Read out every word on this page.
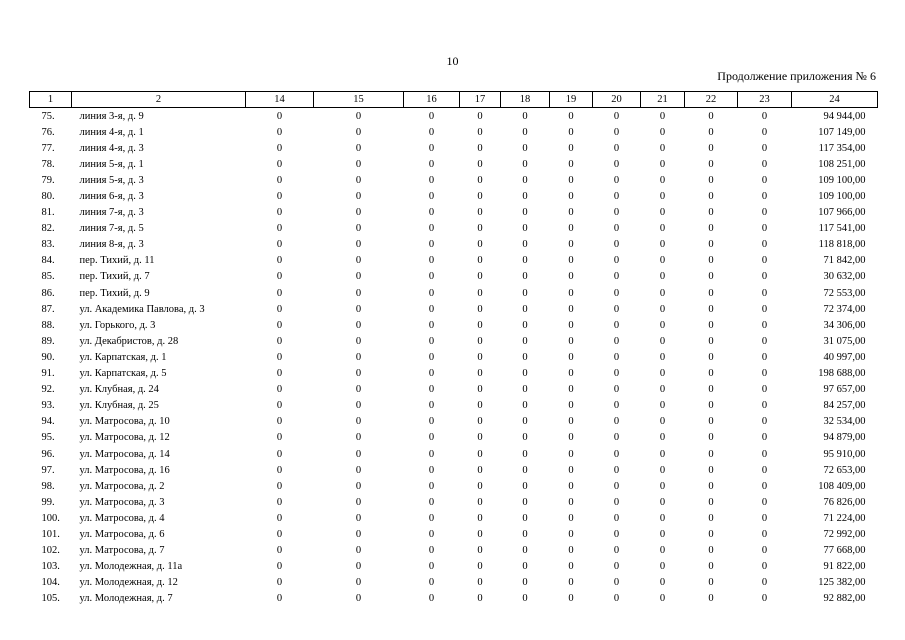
10
Продолжение приложения № 6
1	2	14	15	16	17	18	19	20	21	22	23	24
75.	линия 3-я, д. 9	0	0	0	0	0	0	0	0	0	0	94 944,00
76.	линия 4-я, д. 1	0	0	0	0	0	0	0	0	0	0	107 149,00
77.	линия 4-я, д. 3	0	0	0	0	0	0	0	0	0	0	117 354,00
78.	линия 5-я, д. 1	0	0	0	0	0	0	0	0	0	0	108 251,00
79.	линия 5-я, д. 3	0	0	0	0	0	0	0	0	0	0	109 100,00
80.	линия 6-я, д. 3	0	0	0	0	0	0	0	0	0	0	109 100,00
81.	линия 7-я, д. 3	0	0	0	0	0	0	0	0	0	0	107 966,00
82.	линия 7-я, д. 5	0	0	0	0	0	0	0	0	0	0	117 541,00
83.	линия 8-я, д. 3	0	0	0	0	0	0	0	0	0	0	118 818,00
84.	пер. Тихий, д. 11	0	0	0	0	0	0	0	0	0	0	71 842,00
85.	пер. Тихий, д. 7	0	0	0	0	0	0	0	0	0	0	30 632,00
86.	пер. Тихий, д. 9	0	0	0	0	0	0	0	0	0	0	72 553,00
87.	ул. Академика Павлова, д. 3	0	0	0	0	0	0	0	0	0	0	72 374,00
88.	ул. Горького, д. 3	0	0	0	0	0	0	0	0	0	0	34 306,00
89.	ул. Декабристов, д. 28	0	0	0	0	0	0	0	0	0	0	31 075,00
90.	ул. Карпатская, д. 1	0	0	0	0	0	0	0	0	0	0	40 997,00
91.	ул. Карпатская, д. 5	0	0	0	0	0	0	0	0	0	0	198 688,00
92.	ул. Клубная, д. 24	0	0	0	0	0	0	0	0	0	0	97 657,00
93.	ул. Клубная, д. 25	0	0	0	0	0	0	0	0	0	0	84 257,00
94.	ул. Матросова, д. 10	0	0	0	0	0	0	0	0	0	0	32 534,00
95.	ул. Матросова, д. 12	0	0	0	0	0	0	0	0	0	0	94 879,00
96.	ул. Матросова, д. 14	0	0	0	0	0	0	0	0	0	0	95 910,00
97.	ул. Матросова, д. 16	0	0	0	0	0	0	0	0	0	0	72 653,00
98.	ул. Матросова, д. 2	0	0	0	0	0	0	0	0	0	0	108 409,00
99.	ул. Матросова, д. 3	0	0	0	0	0	0	0	0	0	0	76 826,00
100.	ул. Матросова, д. 4	0	0	0	0	0	0	0	0	0	0	71 224,00
101.	ул. Матросова, д. 6	0	0	0	0	0	0	0	0	0	0	72 992,00
102.	ул. Матросова, д. 7	0	0	0	0	0	0	0	0	0	0	77 668,00
103.	ул. Молодежная, д. 11а	0	0	0	0	0	0	0	0	0	0	91 822,00
104.	ул. Молодежная, д. 12	0	0	0	0	0	0	0	0	0	0	125 382,00
105.	ул. Молодежная, д. 7	0	0	0	0	0	0	0	0	0	0	92 882,00
